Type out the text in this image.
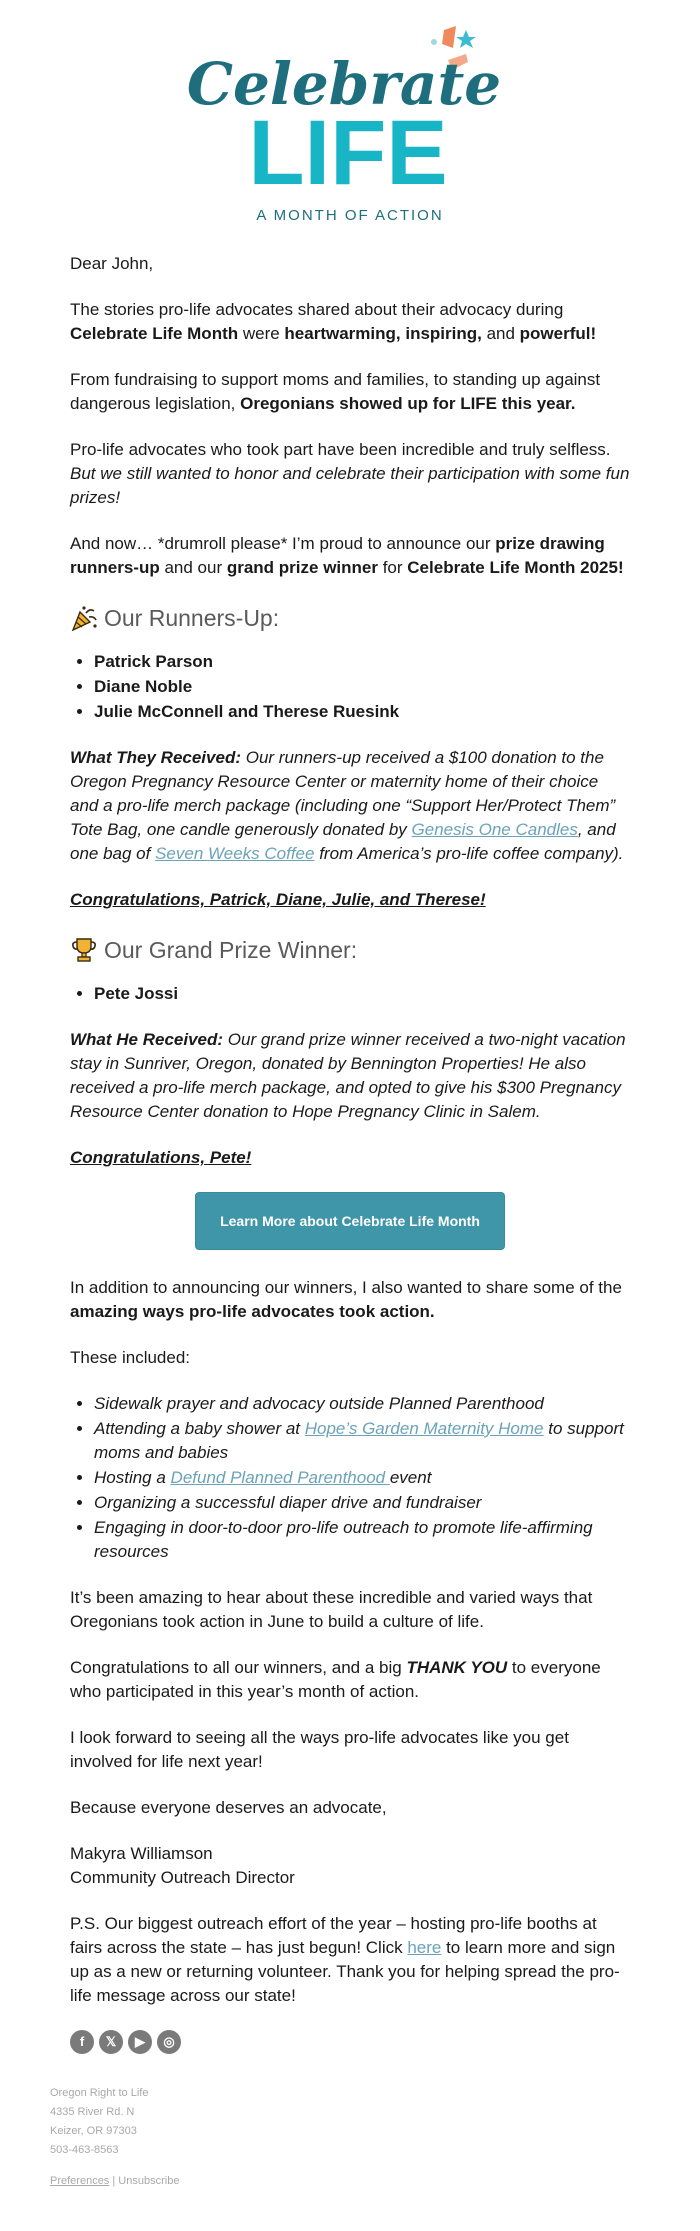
Celebrate
LIFE
A MONTH OF ACTION

Dear John,

The stories pro-life advocates shared about their advocacy during Celebrate Life Month were heartwarming, inspiring, and powerful!

From fundraising to support moms and families, to standing up against dangerous legislation, Oregonians showed up for LIFE this year.

Pro-life advocates who took part have been incredible and truly selfless. But we still wanted to honor and celebrate their participation with some fun prizes!

And now… *drumroll please* I’m proud to announce our prize drawing runners-up and our grand prize winner for Celebrate Life Month 2025!

Our Runners-Up:
• Patrick Parson
• Diane Noble
• Julie McConnell and Therese Ruesink

What They Received: Our runners-up received a $100 donation to the Oregon Pregnancy Resource Center or maternity home of their choice and a pro-life merch package (including one “Support Her/Protect Them” Tote Bag, one candle generously donated by Genesis One Candles, and one bag of Seven Weeks Coffee from America’s pro-life coffee company).

Congratulations, Patrick, Diane, Julie, and Therese!

Our Grand Prize Winner:
• Pete Jossi

What He Received: Our grand prize winner received a two-night vacation stay in Sunriver, Oregon, donated by Bennington Properties! He also received a pro-life merch package, and opted to give his $300 Pregnancy Resource Center donation to Hope Pregnancy Clinic in Salem.

Congratulations, Pete!

Learn More about Celebrate Life Month

In addition to announcing our winners, I also wanted to share some of the amazing ways pro-life advocates took action.

These included:

• Sidewalk prayer and advocacy outside Planned Parenthood
• Attending a baby shower at Hope’s Garden Maternity Home to support moms and babies
• Hosting a Defund Planned Parenthood event
• Organizing a successful diaper drive and fundraiser
• Engaging in door-to-door pro-life outreach to promote life-affirming resources

It’s been amazing to hear about these incredible and varied ways that Oregonians took action in June to build a culture of life.

Congratulations to all our winners, and a big THANK YOU to everyone who participated in this year’s month of action.

I look forward to seeing all the ways pro-life advocates like you get involved for life next year!

Because everyone deserves an advocate,

Makyra Williamson
Community Outreach Director

P.S. Our biggest outreach effort of the year – hosting pro-life booths at fairs across the state – has just begun! Click here to learn more and sign up as a new or returning volunteer. Thank you for helping spread the pro-life message across our state!

f	𝕏	▶	◎
Oregon Right to Life
4335 River Rd. N
Keizer, OR 97303
503-463-8563
Preferences | Unsubscribe
